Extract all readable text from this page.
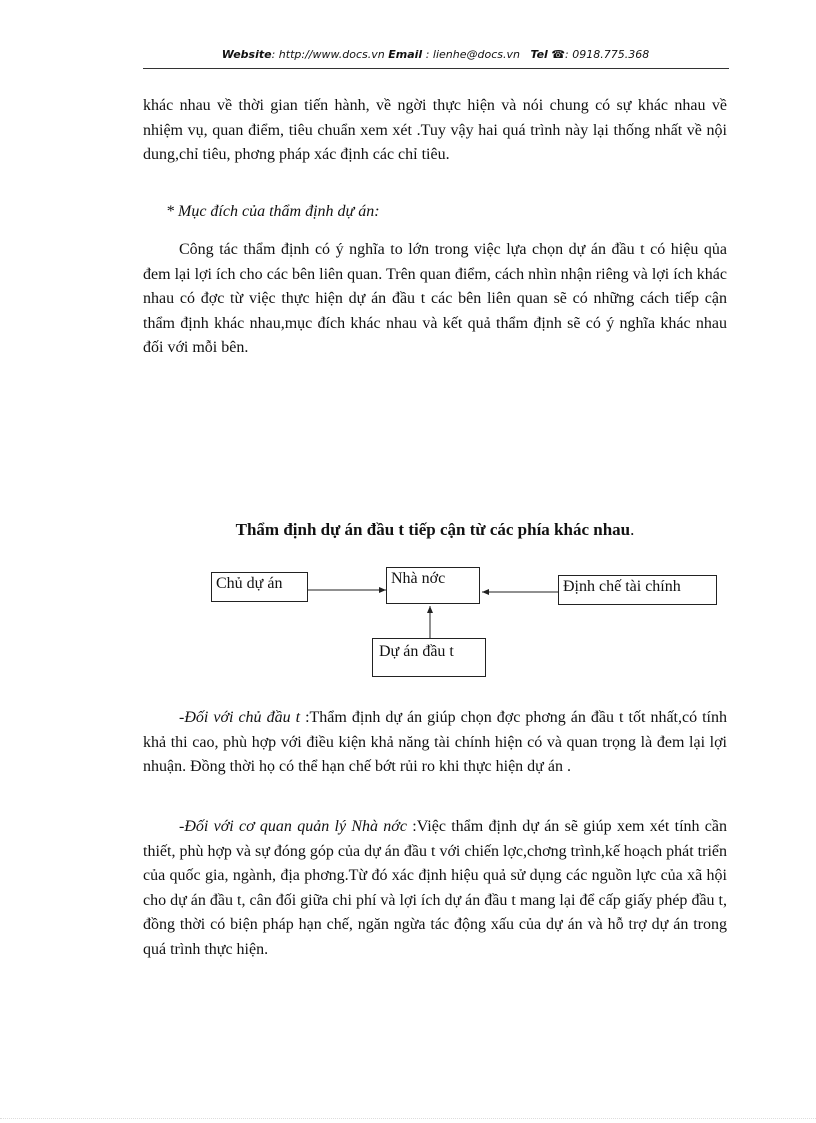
Website: http://www.docs.vn Email : lienhe@docs.vn Tel ☎: 0918.775.368

khác nhau về thời gian tiến hành, về ngời thực hiện và nói chung có sự khác nhau về nhiệm vụ, quan điểm, tiêu chuẩn xem xét .Tuy vậy hai quá trình này lại thống nhất về nội dung,chỉ tiêu, phơng pháp xác định các chỉ tiêu.

* Mục đích của thẩm định dự án:

Công tác thẩm định có ý nghĩa to lớn trong việc lựa chọn dự án đầu t có hiệu qủa đem lại lợi ích cho các bên liên quan. Trên quan điểm, cách nhìn nhận riêng và lợi ích khác nhau có đợc từ việc thực hiện dự án đầu t các bên liên quan sẽ có những cách tiếp cận thẩm định khác nhau,mục đích khác nhau và kết quả thẩm định sẽ có ý nghĩa khác nhau đối với mỗi bên.

Thẩm định dự án đầu t tiếp cận từ các phía khác nhau.
Chủ dự án	Nhà nớc	Định chế tài chính
Dự án đầu t

-Đối với chủ đầu t :Thẩm định dự án giúp chọn đợc phơng án đầu t tốt nhất,có tính khả thi cao, phù hợp với điều kiện khả năng tài chính hiện có và quan trọng là đem lại lợi nhuận. Đồng thời họ có thể hạn chế bớt rủi ro khi thực hiện dự án .

-Đối với cơ quan quản lý Nhà nớc :Việc thẩm định dự án sẽ giúp xem xét tính cần thiết, phù hợp và sự đóng góp của dự án đầu t với chiến lợc,chơng trình,kế hoạch phát triển của quốc gia, ngành, địa phơng.Từ đó xác định hiệu quả sử dụng các nguồn lực của xã hội cho dự án đầu t, cân đối giữa chi phí và lợi ích dự án đầu t mang lại để cấp giấy phép đầu t, đồng thời có biện pháp hạn chế, ngăn ngừa tác động xấu của dự án và hỗ trợ dự án trong quá trình thực hiện.
